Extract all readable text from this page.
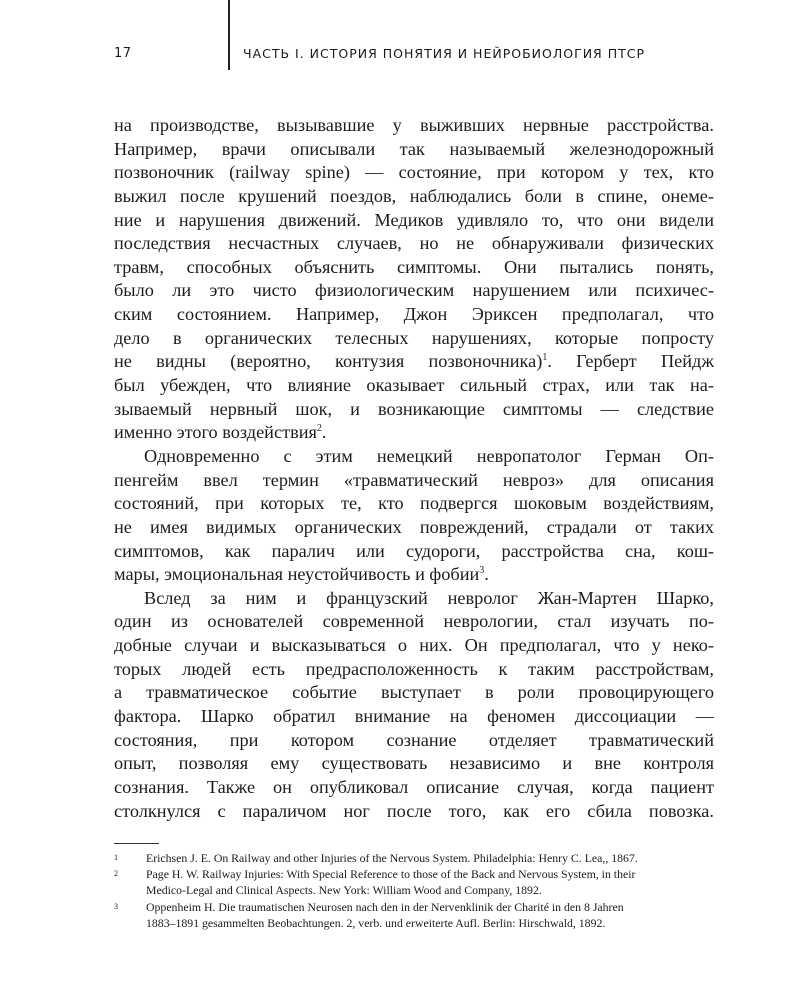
17	ЧАСТЬ I. ИСТОРИЯ ПОНЯТИЯ И НЕЙРОБИОЛОГИЯ ПТСР
на производстве, вызывавшие у выживших нервные расстройства.
Например, врачи описывали так называемый железнодорожный
позвоночник (railway spine) — состояние, при котором у тех, кто
выжил после крушений поездов, наблюдались боли в спине, онеме-
ние и нарушения движений. Медиков удивляло то, что они видели
последствия несчастных случаев, но не обнаруживали физических
травм, способных объяснить симптомы. Они пытались понять,
было ли это чисто физиологическим нарушением или психичес-
ским состоянием. Например, Джон Эриксен предполагал, что
дело в органических телесных нарушениях, которые попросту
не видны (вероятно, контузия позвоночника)$^1$. Герберт Пейдж
был убежден, что влияние оказывает сильный страх, или так на-
зываемый нервный шок, и возникающие симптомы — следствие
именно этого воздействия$^2$.
Одновременно с этим немецкий невропатолог Герман Оп-
пенгейм ввел термин «травматический невроз» для описания
состояний, при которых те, кто подвергся шоковым воздействиям,
не имея видимых органических повреждений, страдали от таких
симптомов, как паралич или судороги, расстройства сна, кош-
мары, эмоциональная неустойчивость и фобии$^3$.
Вслед за ним и французский невролог Жан-Мартен Шарко,
один из основателей современной неврологии, стал изучать по-
добные случаи и высказываться о них. Он предполагал, что у неко-
торых людей есть предрасположенность к таким расстройствам,
а травматическое событие выступает в роли провоцирующего
фактора. Шарко обратил внимание на феномен диссоциации —
состояния, при котором сознание отделяет травматический
опыт, позволяя ему существовать независимо и вне контроля
сознания. Также он опубликовал описание случая, когда пациент
столкнулся с параличом ног после того, как его сбила повозка.
1 Erichsen J. E. On Railway and other Injuries of the Nervous System. Philadelphia: Henry C. Lea,, 1867.
2 Page H. W. Railway Injuries: With Special Reference to those of the Back and Nervous System, in their
Medico-Legal and Clinical Aspects. New York: William Wood and Company, 1892.
3 Oppenheim H. Die traumatischen Neurosen nach den in der Nervenklinik der Charité in den 8 Jahren
1883–1891 gesammelten Beobachtungen. 2, verb. und erweiterte Aufl. Berlin: Hirschwald, 1892.
